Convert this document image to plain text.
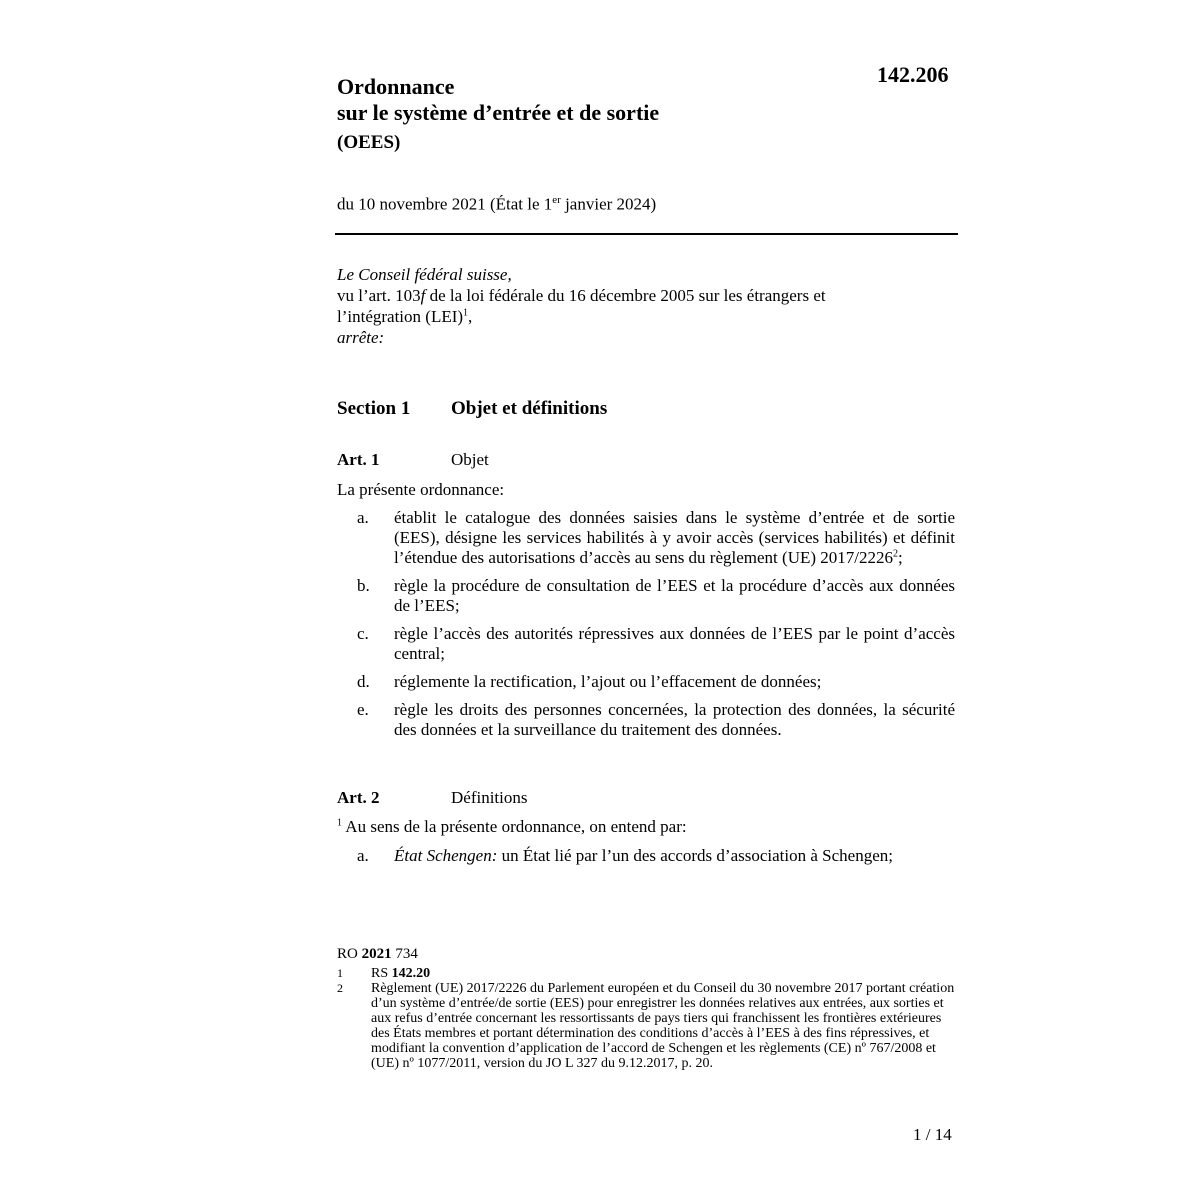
142.206
Ordonnance
sur le système d’entrée et de sortie
(OEES)
du 10 novembre 2021 (État le 1er janvier 2024)
Le Conseil fédéral suisse,
vu l’art. 103f de la loi fédérale du 16 décembre 2005 sur les étrangers et
l’intégration (LEI)$^1$,
arrête:
Section 1 Objet et définitions
Art. 1	Objet
La présente ordonnance:
a. établit le catalogue des données saisies dans le système d’entrée et de sortie (EES), désigne les services habilités à y avoir accès (services habilités) et définit l’étendue des autorisations d’accès au sens du règlement (UE) 2017/2226$^2$;
b. règle la procédure de consultation de l’EES et la procédure d’accès aux données de l’EES;
c. règle l’accès des autorités répressives aux données de l’EES par le point d’accès central;
d. réglemente la rectification, l’ajout ou l’effacement de données;
e. règle les droits des personnes concernées, la protection des données, la sécurité des données et la surveillance du traitement des données.
Art. 2	Définitions
$^1$ Au sens de la présente ordonnance, on entend par:
a. État Schengen: un État lié par l’un des accords d’association à Schengen;
RO 2021 734
1 RS 142.20
2 Règlement (UE) 2017/2226 du Parlement européen et du Conseil du 30 novembre 2017 portant création d’un système d’entrée/de sortie (EES) pour enregistrer les données relatives aux entrées, aux sorties et aux refus d’entrée concernant les ressortissants de pays tiers qui franchissent les frontières extérieures des États membres et portant détermination des conditions d’accès à l’EES à des fins répressives, et modifiant la convention d’application de l’accord de Schengen et les règlements (CE) nº 767/2008 et (UE) nº 1077/2011, version du JO L 327 du 9.12.2017, p. 20.
1 / 14
